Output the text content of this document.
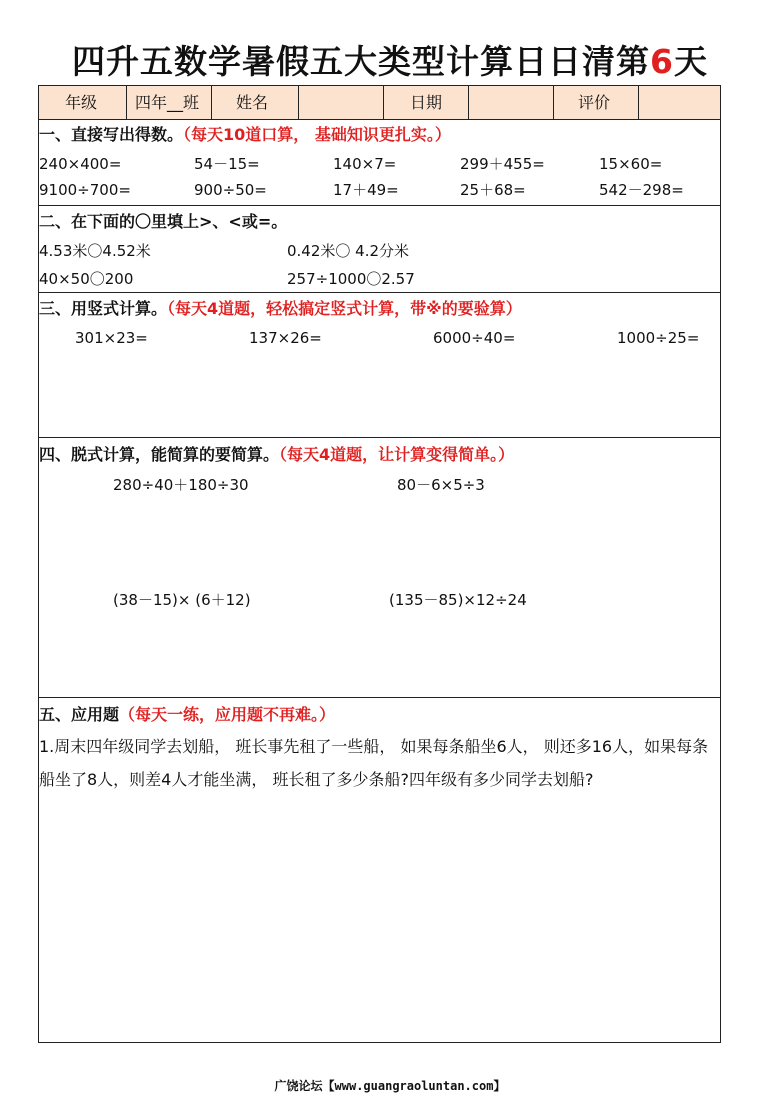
四升五数学暑假五大类型计算日日清第6天
年级	四年__班	姓名	日期	评价
一、直接写出得数。（每天10道口算， 基础知识更扎实。）
240×400=	54－15=	140×7=	299＋455=	15×60=
9100÷700=	900÷50=	17＋49=	25＋68=	542－298=
二、在下面的〇里填上>、<或=。
4.53米〇4.52米	0.42米〇 4.2分米
40×50〇200	257÷1000〇2.57
三、用竖式计算。（每天4道题，轻松搞定竖式计算，带※的要验算）
301×23=	137×26=	6000÷40=	1000÷25=
四、脱式计算，能简算的要简算。（每天4道题，让计算变得简单。）
280÷40＋180÷30	80－6×5÷3
(38－15)× (6＋12)	(135－85)×12÷24
五、应用题（每天一练，应用题不再难。）
1.周末四年级同学去划船， 班长事先租了一些船， 如果每条船坐6人， 则还多16人，如果每条船坐了8人，则差4人才能坐满， 班长租了多少条船?四年级有多少同学去划船?
广饶论坛【www.guangraoluntan.com】
